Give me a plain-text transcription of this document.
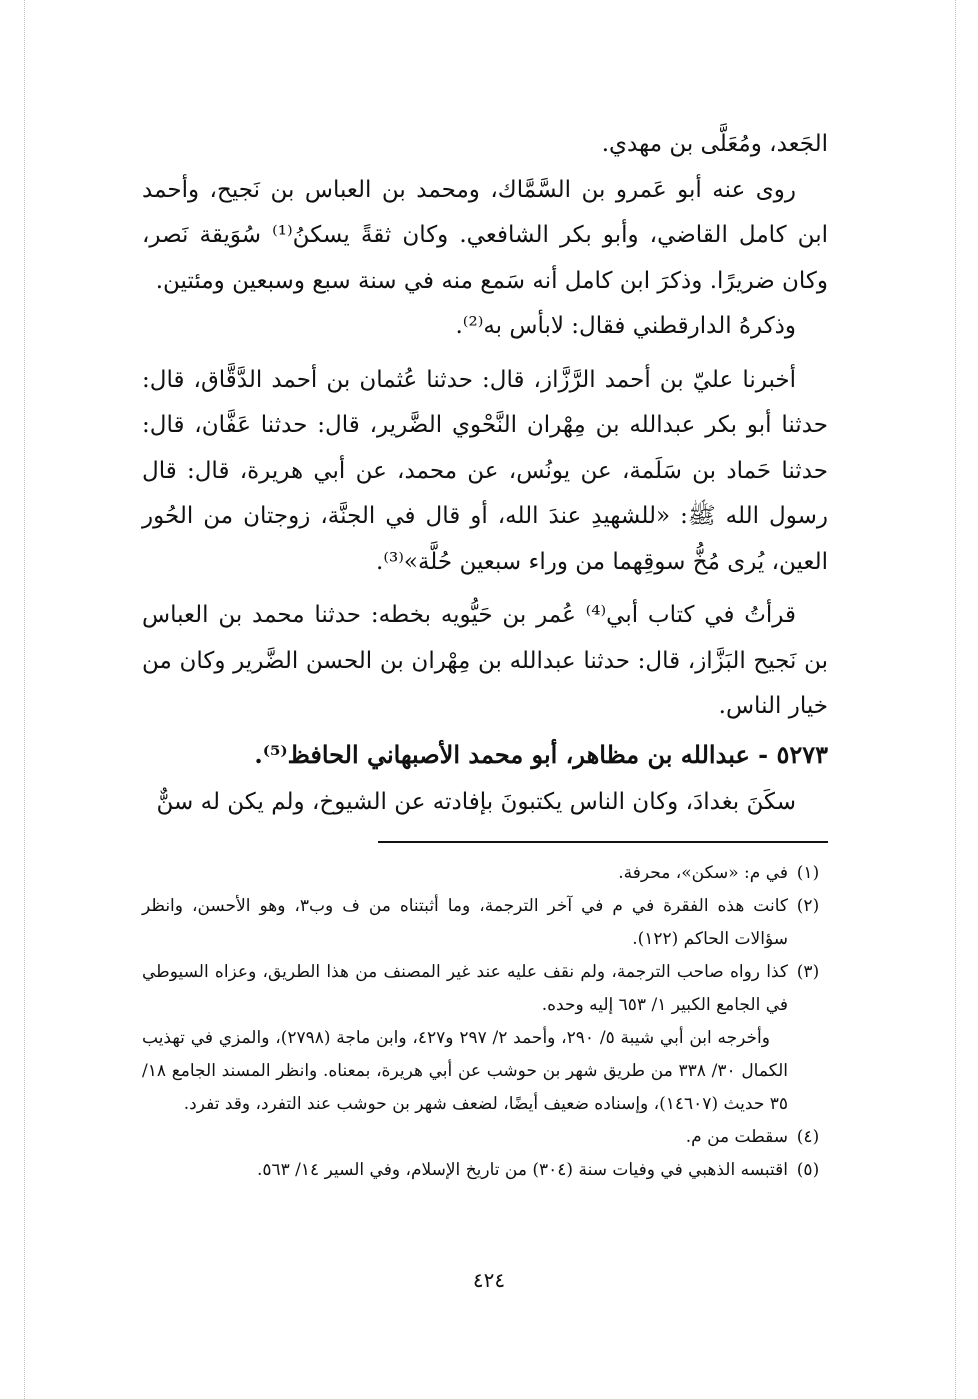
الجَعد، ومُعَلَّى بن مهدي.

روى عنه أبو عَمرو بن السَّمَّاك، ومحمد بن العباس بن نَجيح، وأحمد ابن كامل القاضي، وأبو بكر الشافعي. وكان ثقةً يسكنُ⁽¹⁾ سُوَيقة نَصر، وكان ضريرًا. وذكرَ ابن كامل أنه سَمع منه في سنة سبع وسبعين ومئتين.

وذكرهُ الدارقطني فقال: لابأس به⁽²⁾.

أخبرنا عليّ بن أحمد الرَّزَّاز، قال: حدثنا عُثمان بن أحمد الدَّقَّاق، قال: حدثنا أبو بكر عبدالله بن مِهْران النَّحْوي الضَّرير، قال: حدثنا عَفَّان، قال: حدثنا حَماد بن سَلَمة، عن يونُس، عن محمد، عن أبي هريرة، قال: قال رسول الله ﷺ: «للشهيدِ عندَ الله، أو قال في الجنَّة، زوجتان من الحُور العين، يُرى مُخُّ سوقِهما من وراء سبعين حُلَّة»⁽³⁾.

قرأتُ في كتاب أبي⁽⁴⁾ عُمر بن حَيُّويه بخطه: حدثنا محمد بن العباس بن نَجيح البَزَّاز، قال: حدثنا عبدالله بن مِهْران بن الحسن الضَّرير وكان من خيار الناس.

٥٢٧٣ - عبدالله بن مظاهر، أبو محمد الأصبهاني الحافظ⁽⁵⁾.

سكَنَ بغدادَ، وكان الناس يكتبونَ بإفادته عن الشيوخ، ولم يكن له سنٌّ

(١)
في م: «سكن»، محرفة.
(٢)
كانت هذه الفقرة في م في آخر الترجمة، وما أثبتناه من ف وب٣، وهو الأحسن، وانظر سؤالات الحاكم (١٢٢).
(٣)
كذا رواه صاحب الترجمة، ولم نقف عليه عند غير المصنف من هذا الطريق، وعزاه السيوطي في الجامع الكبير ١/ ٦٥٣ إليه وحده.
وأخرجه ابن أبي شيبة ٥/ ٢٩٠، وأحمد ٢/ ٢٩٧ و٤٢٧، وابن ماجة (٢٧٩٨)، والمزي في تهذيب الكمال ٣٠/ ٣٣٨ من طريق شهر بن حوشب عن أبي هريرة، بمعناه. وانظر المسند الجامع ١٨/ ٣٥ حديث (١٤٦٠٧)، وإسناده ضعيف أيضًا، لضعف شهر بن حوشب عند التفرد، وقد تفرد.
(٤)
سقطت من م.
(٥)
اقتبسه الذهبي في وفيات سنة (٣٠٤) من تاريخ الإسلام، وفي السير ١٤/ ٥٦٣.
٤٢٤
